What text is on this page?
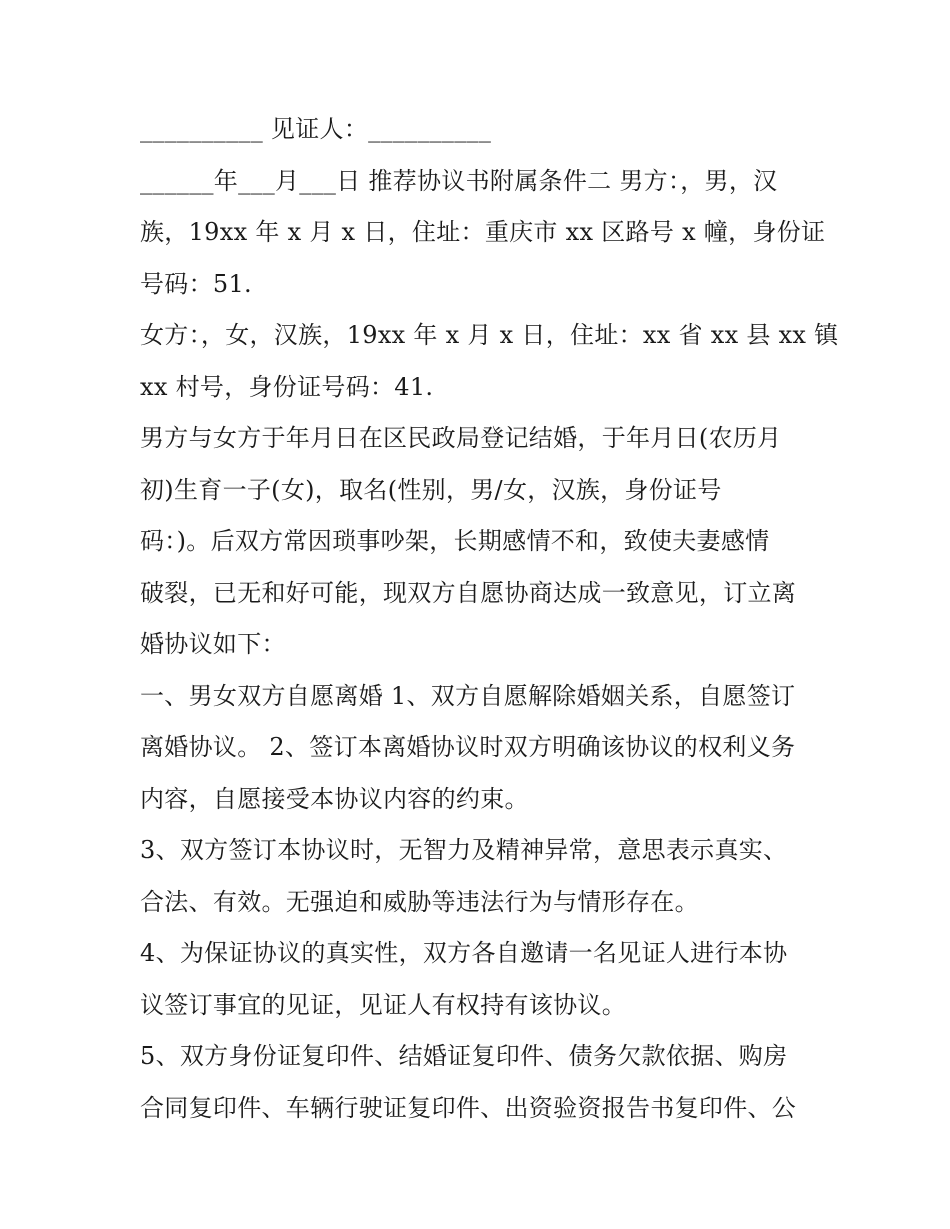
__________ 见证人：__________
______年___月___日 推荐协议书附属条件二 男方：，男，汉
族，19xx 年 x 月 x 日，住址：重庆市 xx 区路号 x 幢，身份证
号码：51.
女方：，女，汉族，19xx 年 x 月 x 日，住址：xx 省 xx 县 xx 镇
xx 村号，身份证号码：41.
男方与女方于年月日在区民政局登记结婚，于年月日(农历月
初)生育一子(女)，取名(性别，男/女，汉族，身份证号
码：)。后双方常因琐事吵架，长期感情不和，致使夫妻感情
破裂，已无和好可能，现双方自愿协商达成一致意见，订立离
婚协议如下：
一、男女双方自愿离婚 1、双方自愿解除婚姻关系，自愿签订
离婚协议。 2、签订本离婚协议时双方明确该协议的权利义务
内容，自愿接受本协议内容的约束。
3、双方签订本协议时，无智力及精神异常，意思表示真实、
合法、有效。无强迫和威胁等违法行为与情形存在。
4、为保证协议的真实性，双方各自邀请一名见证人进行本协
议签订事宜的见证，见证人有权持有该协议。
5、双方身份证复印件、结婚证复印件、债务欠款依据、购房
合同复印件、车辆行驶证复印件、出资验资报告书复印件、公
